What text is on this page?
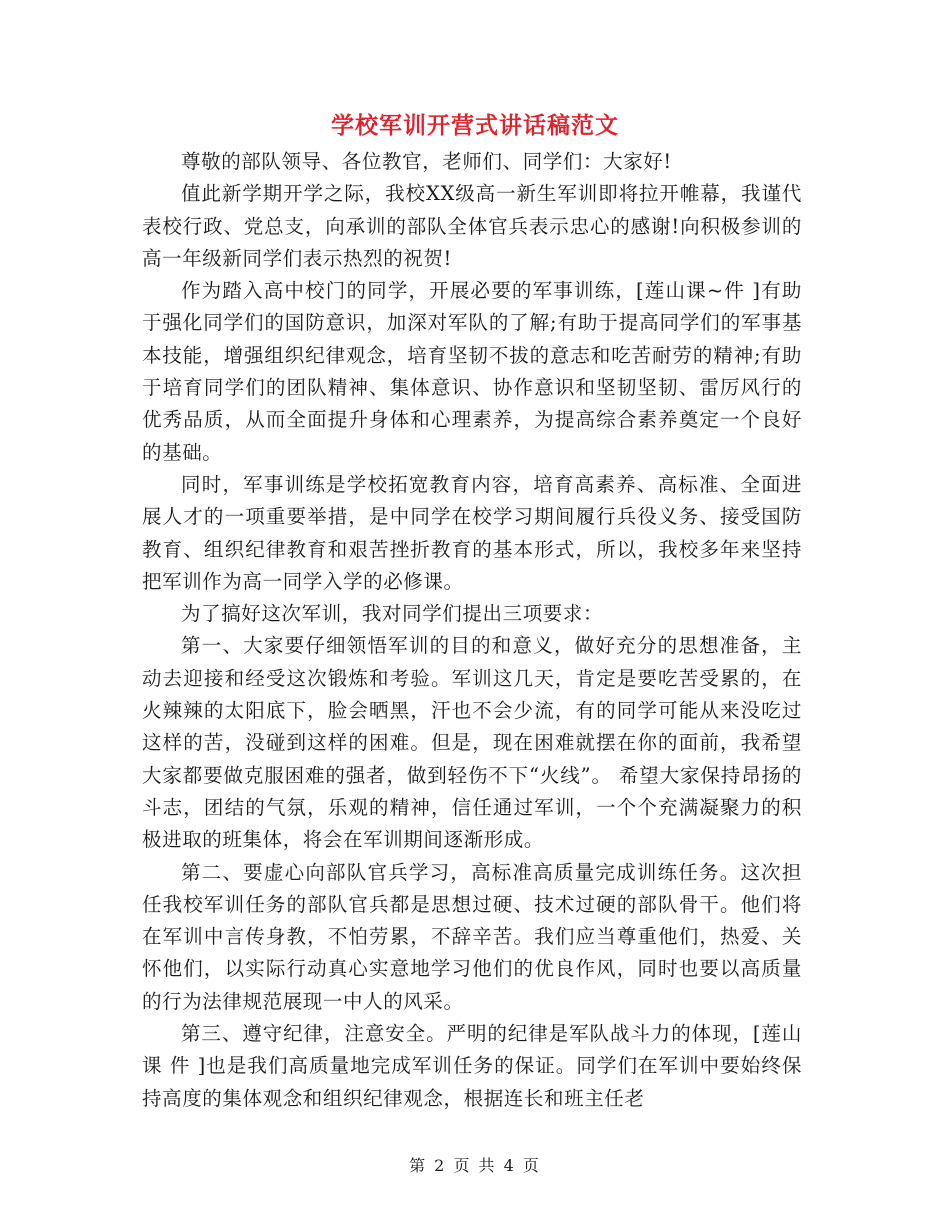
学校军训开营式讲话稿范文

尊敬的部队领导、各位教官，老师们、同学们：大家好!

值此新学期开学之际，我校XX级高一新生军训即将拉开帷幕，我谨代表校行政、党总支，向承训的部队全体官兵表示忠心的感谢!向积极参训的高一年级新同学们表示热烈的祝贺!

作为踏入高中校门的同学，开展必要的军事训练，[莲山课~件 ]有助于强化同学们的国防意识，加深对军队的了解;有助于提高同学们的军事基本技能，增强组织纪律观念，培育坚韧不拔的意志和吃苦耐劳的精神;有助于培育同学们的团队精神、集体意识、协作意识和坚韧坚韧、雷厉风行的优秀品质，从而全面提升身体和心理素养，为提高综合素养奠定一个良好的基础。

同时，军事训练是学校拓宽教育内容，培育高素养、高标准、全面进展人才的一项重要举措，是中同学在校学习期间履行兵役义务、接受国防教育、组织纪律教育和艰苦挫折教育的基本形式，所以，我校多年来坚持把军训作为高一同学入学的必修课。

为了搞好这次军训，我对同学们提出三项要求：

第一、大家要仔细领悟军训的目的和意义，做好充分的思想准备，主动去迎接和经受这次锻炼和考验。军训这几天，肯定是要吃苦受累的，在火辣辣的太阳底下，脸会晒黑，汗也不会少流，有的同学可能从来没吃过这样的苦，没碰到这样的困难。但是，现在困难就摆在你的面前，我希望大家都要做克服困难的强者，做到轻伤不下“火线”。 希望大家保持昂扬的斗志，团结的气氛，乐观的精神，信任通过军训，一个个充满凝聚力的积极进取的班集体，将会在军训期间逐渐形成。

第二、要虚心向部队官兵学习，高标准高质量完成训练任务。这次担任我校军训任务的部队官兵都是思想过硬、技术过硬的部队骨干。他们将在军训中言传身教，不怕劳累，不辞辛苦。我们应当尊重他们，热爱、关怀他们，以实际行动真心实意地学习他们的优良作风，同时也要以高质量的行为法律规范展现一中人的风采。

第三、遵守纪律，注意安全。严明的纪律是军队战斗力的体现，[莲山课 件 ]也是我们高质量地完成军训任务的保证。同学们在军训中要始终保持高度的集体观念和组织纪律观念，根据连长和班主任老

第 2 页 共 4 页
